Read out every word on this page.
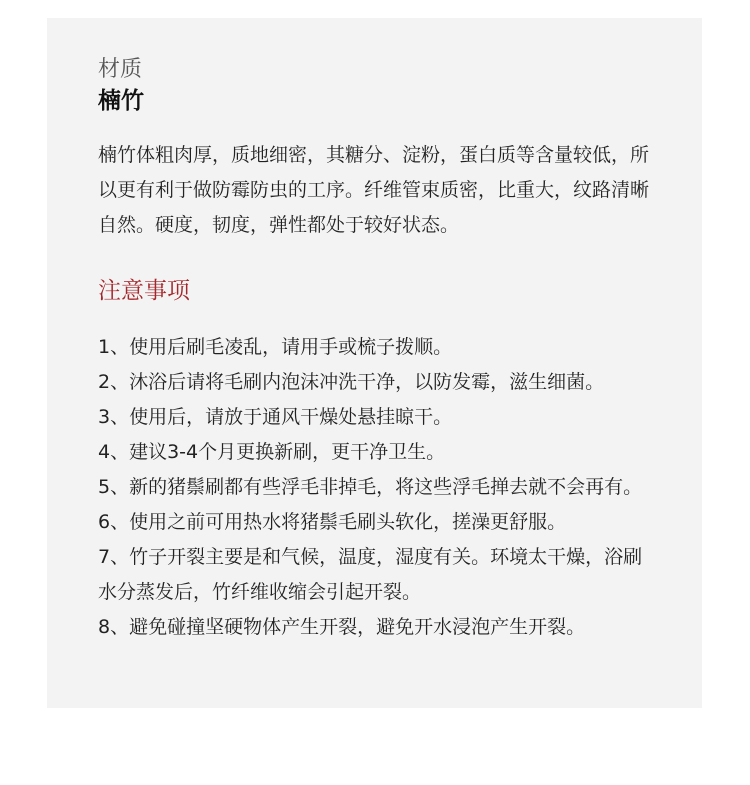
材质

楠竹

楠竹体粗肉厚，质地细密，其糖分、淀粉，蛋白质等含量较低，所以更有利于做防霉防虫的工序。纤维管束质密，比重大，纹路清晰自然。硬度，韧度，弹性都处于较好状态。

注意事项

1、使用后刷毛凌乱，请用手或梳子拨顺。
2、沐浴后请将毛刷内泡沫冲洗干净，以防发霉，滋生细菌。
3、使用后，请放于通风干燥处悬挂晾干。
4、建议3-4个月更换新刷，更干净卫生。
5、新的猪鬃刷都有些浮毛非掉毛，将这些浮毛掸去就不会再有。
6、使用之前可用热水将猪鬃毛刷头软化，搓澡更舒服。
7、竹子开裂主要是和气候，温度，湿度有关。环境太干燥，浴刷水分蒸发后，竹纤维收缩会引起开裂。
8、避免碰撞坚硬物体产生开裂，避免开水浸泡产生开裂。
